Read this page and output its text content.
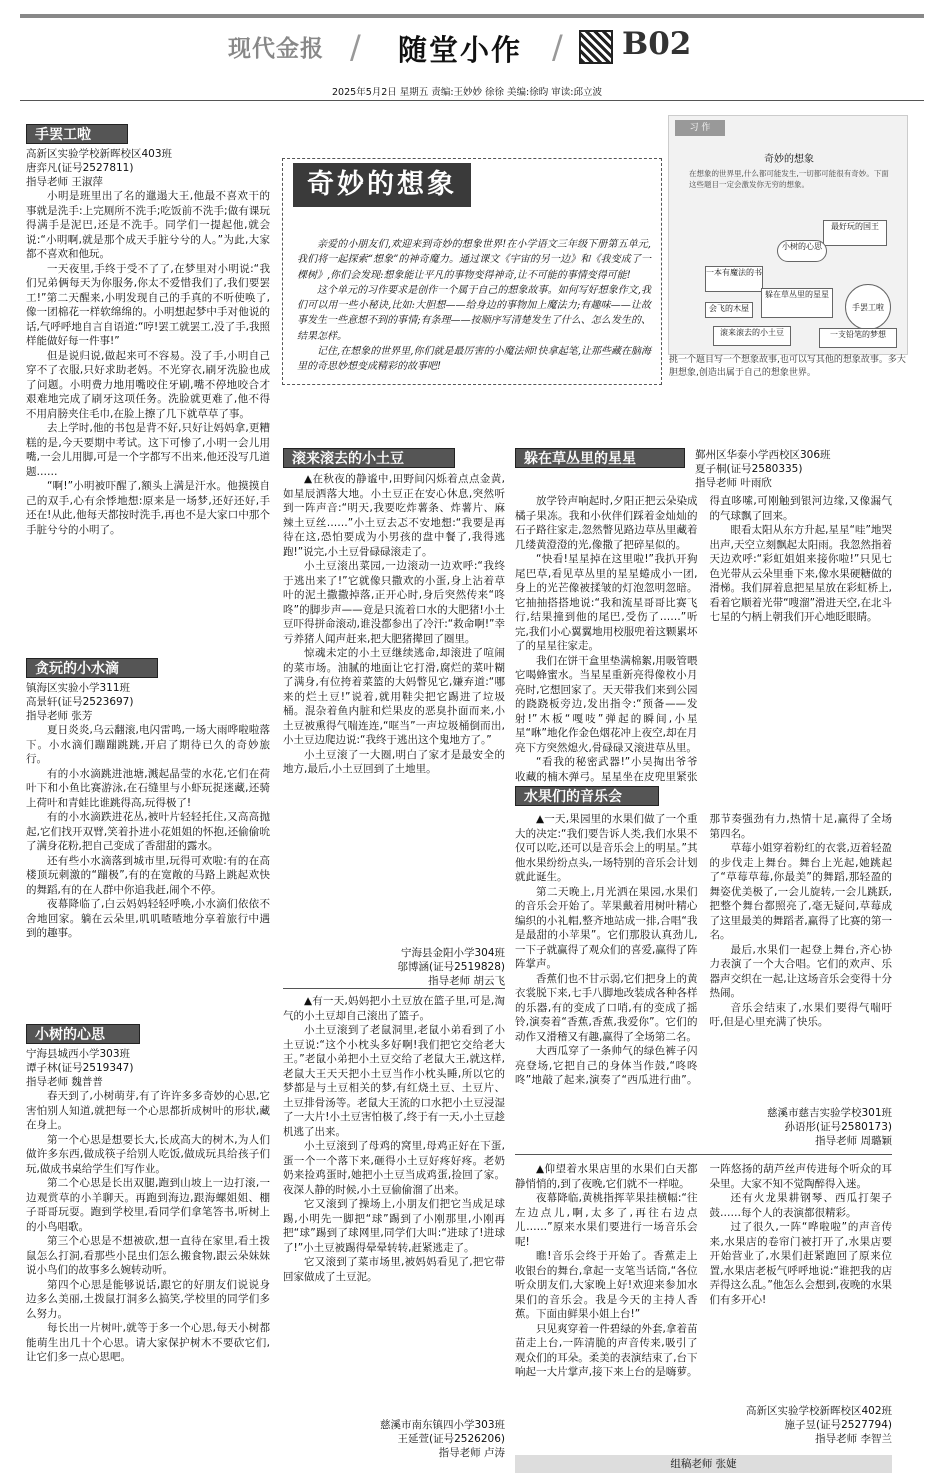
现代金报 / 随堂小作 / B02
2025年5月2日 星期五 责编:王妙妙 徐徐 美编:徐昀 审读:邱立波
奇妙的想象

亲爱的小朋友们,欢迎来到奇妙的想象世界!在小学语文三年级下册第五单元,我们将一起探索“想象”的神奇魔力。通过课文《宇宙的另一边》和《我变成了一棵树》,你们会发现:想象能让平凡的事物变得神奇,让不可能的事情变得可能!

这个单元的习作要求是创作一个属于自己的想象故事。如何写好想象作文,我们可以用一些小秘诀,比如:大胆想——给身边的事物加上魔法力;有趣味——让故事发生一些意想不到的事情;有条理——按顺序写清楚发生了什么、怎么发生的、结果怎样。

记住,在想象的世界里,你们就是最厉害的小魔法师!快拿起笔,让那些藏在脑海里的奇思妙想变成精彩的故事吧!

习 作
奇妙的想象
在想象的世界里,什么都可能发生,一切都可能很有奇妙。下面这些题目一定会激发你无穷的想象。
最好玩的国王
一本有魔法的书
小树的心思
手罢工啦
躲在草丛里的星星
滚来滚去的小土豆
会飞的木屋
一支铅笔的梦想
挑一个题目写一个想象故事,也可以写其他的想象故事。多大胆想象,创造出属于自己的想象世界。
手罢工啦
高新区实验学校新晖校区403班
唐弈凡(证号2527811)
指导老师 王淑萍

小明是班里出了名的邋遢大王,他最不喜欢干的事就是洗手:上完厕所不洗手;吃饭前不洗手;做有课玩得满手是泥巴,还是不洗手。同学们一提起他,就会说:“小明啊,就是那个成天手脏兮兮的人。”为此,大家都不喜欢和他玩。

一天夜里,手终于受不了了,在梦里对小明说:“我们兄弟俩每天为你服务,你太不爱惜我们了,我们要罢工!”第二天醒来,小明发现自己的手真的不听使唤了,像一团棉花一样软绵绵的。小明想起梦中手对他说的话,气呼呼地自言自语道:“哼!罢工就罢工,没了手,我照样能做好每一件事!”

但是说归说,做起来可不容易。没了手,小明自己穿不了衣服,只好求助老妈。不光穿衣,刷牙洗脸也成了问题。小明费力地用嘴咬住牙刷,嘴不停地咬合才艰难地完成了刷牙这项任务。洗脸就更难了,他不得不用肩膀夹住毛巾,在脸上擦了几下就草草了事。

去上学时,他的书包是背不好,只好让妈妈拿,更糟糕的是,今天要期中考试。这下可惨了,小明一会儿用嘴,一会儿用脚,可是一个字都写不出来,他还没写几道题……

“啊!”小明被吓醒了,额头上满是汗水。他摸摸自己的双手,心有余悸地想:原来是一场梦,还好还好,手还在!从此,他每天都按时洗手,再也不是大家口中那个手脏兮兮的小明了。

贪玩的小水滴
镇海区实验小学311班
高景轩(证号2523697)
指导老师 张芳

夏日炎炎,乌云翻滚,电闪雷鸣,一场大雨哗啦啦落下。小水滴们蹦蹦跳跳,开启了期待已久的奇妙旅行。

有的小水滴跳进池塘,溅起晶莹的水花,它们在荷叶下和小鱼比赛游泳,在石缝里与小虾玩捉迷藏,还骑上荷叶和青蛙比谁跳得高,玩得极了!

有的小水滴跌进花丛,被叶片轻轻托住,又高高抛起,它们找开双臂,笑着扑进小花姐姐的怀抱,还偷偷吮了满身花粉,把自己变成了香甜甜的露水。

还有些小水滴落到城市里,玩得可欢啦:有的在高楼顶玩刺激的“蹦极”,有的在宽敞的马路上跳起欢快的舞蹈,有的在人群中你追我赶,闹个不停。

夜幕降临了,白云妈妈轻轻呼唤,小水滴们依依不舍地回家。躺在云朵里,叽叽喳喳地分享着旅行中遇到的趣事。

小树的心思
宁海县城西小学303班
谭子林(证号2519347)
指导老师 魏普普

春天到了,小树萌芽,有了许许多多奇妙的心思,它害怕别人知道,就把每一个心思都折成树叶的形状,藏在身上。

第一个心思是想要长大,长成高大的树木,为人们做许多东西,做成筷子给别人吃饭,做成玩具给孩子们玩,做成书桌给学生们写作业。

第二个心思是长出双腿,跑到山坡上一边打滚,一边观赏草的小羊聊天。再跑到海边,跟海螺姐姐、棚子哥哥玩耍。跑到学校里,看同学们拿笔答书,听树上的小鸟唱歌。

第三个心思是不想被砍,想一直待在家里,看土拨鼠怎么打洞,看那些小昆虫们怎么搬食物,跟云朵妹妹说小鸟们的故事多么婉转动听。

第四个心思是能够说话,跟它的好朋友们说说身边多么美丽,土拨鼠打洞多么搞笑,学校里的同学们多么努力。

每长出一片树叶,就等于多一个心思,每天小树都能萌生出几十个心思。请大家保护树木不要砍它们,让它们多一点心思吧。

滚来滚去的小土豆

▲在秋夜的静谧中,田野间闪烁着点点金黄,如星辰洒落大地。小土豆正在安心休息,突然听到一阵声音:“明天,我要吃炸薯条、炸薯片、麻辣土豆丝……”小土豆去忑不安地想:“我要是再待在这,恐怕要成为小男孩的盘中餐了,我得逃跑!”说完,小土豆骨碌碌滚走了。

小土豆滚出菜园,一边滚动一边欢呼:“我终于逃出来了!”它就像只撒欢的小蛋,身上沾着草叶的泥土撒撒掉落,正开心时,身后突然传来“咚咚”的脚步声——竟是只流着口水的大肥猪!小土豆吓得拼命滚动,谁没都参出了冷汗:“救命啊!”幸亏养猪人闻声赶来,把大肥猪撵回了圈里。

惊魂未定的小土豆继续逃命,却滚进了喧闹的菜市场。油腻的地面让它打滑,腐烂的菜叶糊了满身,有位挎着菜篮的大妈瞥见它,嫌弃道:“哪来的烂土豆!”说着,就用鞋尖把它踢进了垃圾桶。混杂着鱼内脏和烂果皮的恶臭扑面而来,小土豆被熏得气喘连连,“哐当”一声垃圾桶倒而出,小土豆边爬边说:“我终于逃出这个鬼地方了。”

小土豆滚了一大圈,明白了家才是最安全的地方,最后,小土豆回到了土地里。

宁海县金阳小学304班
邬博涵(证号2519828)
指导老师 胡云飞

▲有一天,妈妈把小土豆放在篮子里,可是,淘气的小土豆却自己滚出了篮子。

小土豆滚到了老鼠洞里,老鼠小弟看到了小土豆说:“这个小枕头多好啊!我们把它交给老大王。”老鼠小弟把小土豆交给了老鼠大王,就这样,老鼠大王天天把小土豆当作小枕头睡,所以它的梦都是与土豆相关的梦,有红烧土豆、土豆片、土豆排骨汤等。老鼠大王流的口水把小土豆浸湿了一大片!小土豆害怕极了,终于有一天,小土豆趁机逃了出来。

小土豆滚到了母鸡的窝里,母鸡正好在下蛋,蛋一个一个落下来,砸得小土豆好疼好疼。老奶奶来捡鸡蛋时,她把小土豆当成鸡蛋,捡回了家。夜深人静的时候,小土豆偷偷溜了出来。

它又滚到了操场上,小朋友们把它当成足球踢,小明先一脚把“球”踢到了小刚那里,小刚再把“球”踢到了球网里,同学们大叫:“进球了!进球了!”小土豆被踢得晕晕转转,赶紧逃走了。

它又滚到了菜市场里,被妈妈看见了,把它带回家做成了土豆泥。

慈溪市南东镇四小学303班
王延萱(证号2526206)
指导老师 卢涛
躲在草丛里的星星	鄞州区华泰小学西校区306班
夏子桐(证号2580335)
指导老师 叶雨欣

放学铃声响起时,夕阳正把云朵染成橘子果冻。我和小伙伴们踩着金灿灿的石子路往家走,忽然瞥见路边草丛里藏着几缕黄澄澄的光,像撒了把碎星似的。

“快看!星星掉在这里啦!”我扒开狗尾巴草,看见草丛里的星星蜷成小一团,身上的光芒像被揉皱的灯泡忽明忽暗。它抽抽搭搭地说:“我和流星哥哥比赛飞行,结果撞到他的尾巴,受伤了……”听完,我们小心翼翼地用校服兜着这颗累坏了的星星往家走。

我们在饼干盒里垫满棉絮,用吸管喂它喝蜂蜜水。当星星重新亮得像枚小月亮时,它想回家了。天天带我们来到公园的跷跷板旁边,发出指令:“预备——发射!”木板“嘎吱”弹起的瞬间,小星星“咻”地化作金色烟花冲上夜空,却在月亮下方突然熄火,骨碌碌又滚进草丛里。

“看我的秘密武器!”小吴掏出爷爷收藏的楠木弹弓。星星坐在皮兜里紧张得直哆嗦,可刚触到银河边缘,又像漏气的气球飘了回来。

眼看太阳从东方升起,星星“哇”地哭出声,天空立刻飘起太阳雨。我忽然指着天边欢呼:“彩虹姐姐来接你啦!”只见七色光带从云朵里垂下来,像水果硬糖做的滑梯。我们屏着息把星星放在彩虹桥上,看着它顺着光带“嗖溜”滑进天空,在北斗七星的勺柄上朝我们开心地眨眼睛。

水果们的音乐会

▲一天,果园里的水果们做了一个重大的决定:“我们要告诉人类,我们水果不仅可以吃,还可以是音乐会上的明星。”其他水果纷纷点头,一场特别的音乐会计划就此诞生。

第二天晚上,月光洒在果园,水果们的音乐会开始了。苹果戴着用树叶精心编织的小礼帽,整齐地站成一排,合唱“我是最甜的小苹果”。它们那股认真劲儿,一下子就赢得了观众们的喜爱,赢得了阵阵掌声。

香蕉们也不甘示弱,它们把身上的黄衣裳脱下来,七手八脚地改装成各种各样的乐器,有的变成了口哨,有的变成了摇铃,演奏着“香蕉,香蕉,我爱你”。它们的动作又滑稽又有趣,赢得了全场第二名。

大西瓜穿了一条帅气的绿色裤子闪亮登场,它把自己的身体当作鼓,“咚咚咚”地敲了起来,演奏了“西瓜进行曲”。那节奏强劲有力,热情十足,赢得了全场第四名。

草莓小姐穿着粉红的衣裳,迈着轻盈的步伐走上舞台。舞台上光起,她跳起了“草莓草莓,你最美”的舞蹈,那轻盈的舞姿优美极了,一会儿旋转,一会儿跳跃,把整个舞台都照亮了,毫无疑问,草莓成了这里最美的舞蹈者,赢得了比赛的第一名。

最后,水果们一起登上舞台,齐心协力表演了一个大合唱。它们的欢声、乐器声交织在一起,让这场音乐会变得十分热闹。

音乐会结束了,水果们要得气喘吁吁,但是心里充满了快乐。

慈溪市慈吉实验学校301班
孙语彤(证号2580173)
指导老师 周璐颖

▲仰望着水果店里的水果们白天都静悄悄的,到了夜晚,它们就不一样啦。

夜幕降临,黄桃指挥苹果挂横幅:“往左边点儿,啊,太多了,再往右边点儿……”原来水果们要进行一场音乐会呢!

瞧!音乐会终于开始了。香蕉走上收银台的舞台,拿起一支笔当话筒,“各位听众朋友们,大家晚上好!欢迎来参加水果们的音乐会。我是今天的主持人香蕉。下面由鲜果小姐上台!”

只见爽穿着一件碧绿的外套,拿着苗苗走上台,一阵清脆的声音传来,吸引了观众们的耳朵。柔美的表演结束了,台下响起一大片掌声,接下来上台的是嗨萝。一阵悠扬的葫芦丝声传进每个听众的耳朵里。大家不知不觉陶醉得入迷。

还有火龙果耕钢琴、西瓜打架子鼓……每个人的表演都很精彩。

过了很久,一阵“哗啦啦”的声音传来,水果店的卷帘门被打开了,水果店要开始营业了,水果们赶紧跑回了原来位置,水果店老板气呼呼地说:“谁把我的店弄得这么乱。”他怎么会想到,夜晚的水果们有多开心!

高新区实验学校新晖校区402班
施子昱(证号2527794)
指导老师 李智兰
组稿老师 张婕
